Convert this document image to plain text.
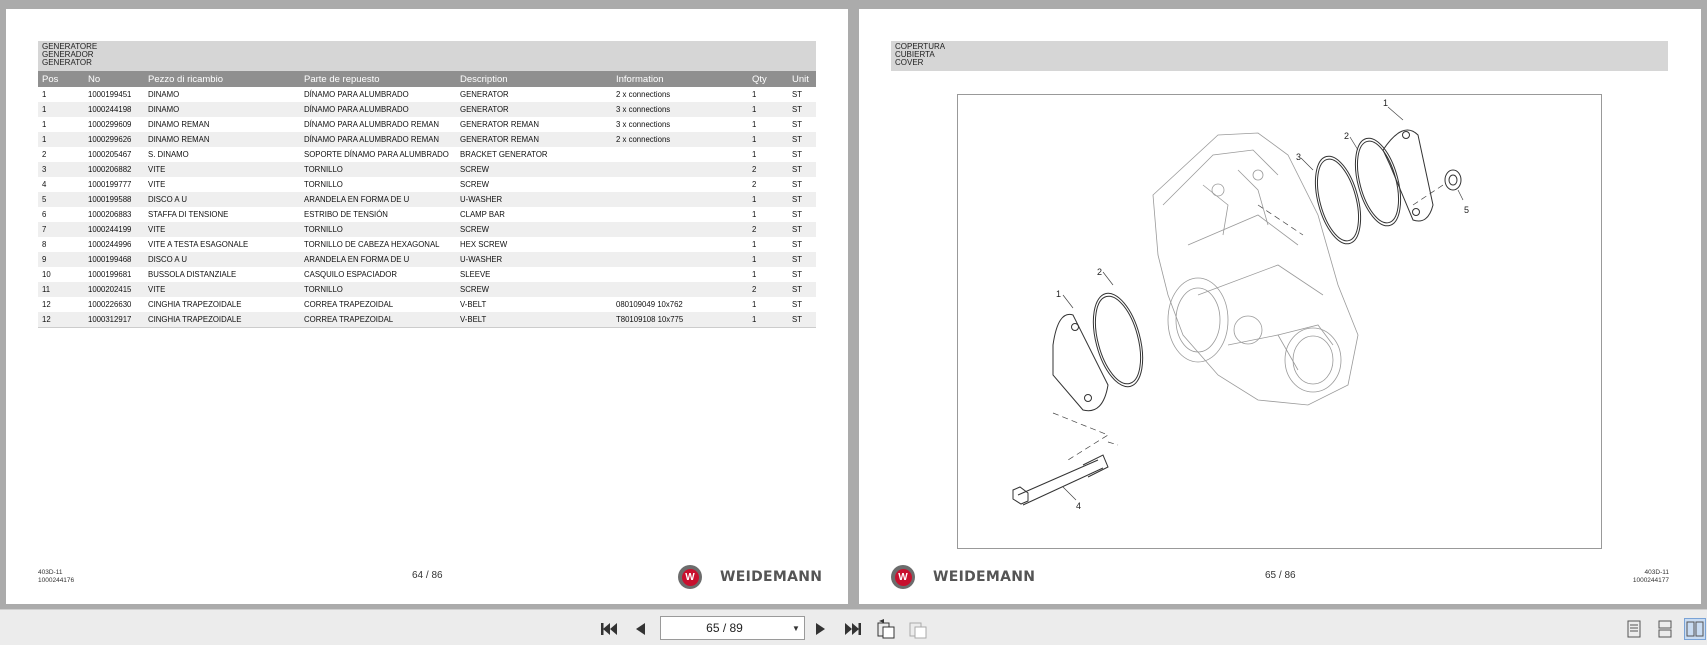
GENERATORE
GENERADOR
GENERATOR
Pos	No	Pezzo di ricambio	Parte de repuesto	Description	Information	Qty	Unit
1	1000199451	DINAMO	DÍNAMO PARA ALUMBRADO	GENERATOR	2 x connections	1	ST
1	1000244198	DINAMO	DÍNAMO PARA ALUMBRADO	GENERATOR	3 x connections	1	ST
1	1000299609	DINAMO REMAN	DÍNAMO PARA ALUMBRADO REMAN	GENERATOR REMAN	3 x connections	1	ST
1	1000299626	DINAMO REMAN	DÍNAMO PARA ALUMBRADO REMAN	GENERATOR REMAN	2 x connections	1	ST
2	1000205467	S. DINAMO	SOPORTE DÍNAMO PARA ALUMBRADO	BRACKET GENERATOR		1	ST
3	1000206882	VITE	TORNILLO	SCREW		2	ST
4	1000199777	VITE	TORNILLO	SCREW		2	ST
5	1000199588	DISCO A U	ARANDELA EN FORMA DE U	U-WASHER		1	ST
6	1000206883	STAFFA DI TENSIONE	ESTRIBO DE TENSIÓN	CLAMP BAR		1	ST
7	1000244199	VITE	TORNILLO	SCREW		2	ST
8	1000244996	VITE A TESTA ESAGONALE	TORNILLO DE CABEZA HEXAGONAL	HEX SCREW		1	ST
9	1000199468	DISCO A U	ARANDELA EN FORMA DE U	U-WASHER		1	ST
10	1000199681	BUSSOLA DISTANZIALE	CASQUILO ESPACIADOR	SLEEVE		1	ST
11	1000202415	VITE	TORNILLO	SCREW		2	ST
12	1000226630	CINGHIA TRAPEZOIDALE	CORREA TRAPEZOIDAL	V-BELT	080109049 10x762	1	ST
12	1000312917	CINGHIA TRAPEZOIDALE	CORREA TRAPEZOIDAL	V-BELT	T80109108 10x775	1	ST
403D-11
1000244176	64 / 86	W WEIDEMANN
COPERTURA
CUBIERTA
COVER
1
2
3
1
2
5
4
W WEIDEMANN	65 / 86	403D-11
1000244177
65 / 89	▼
